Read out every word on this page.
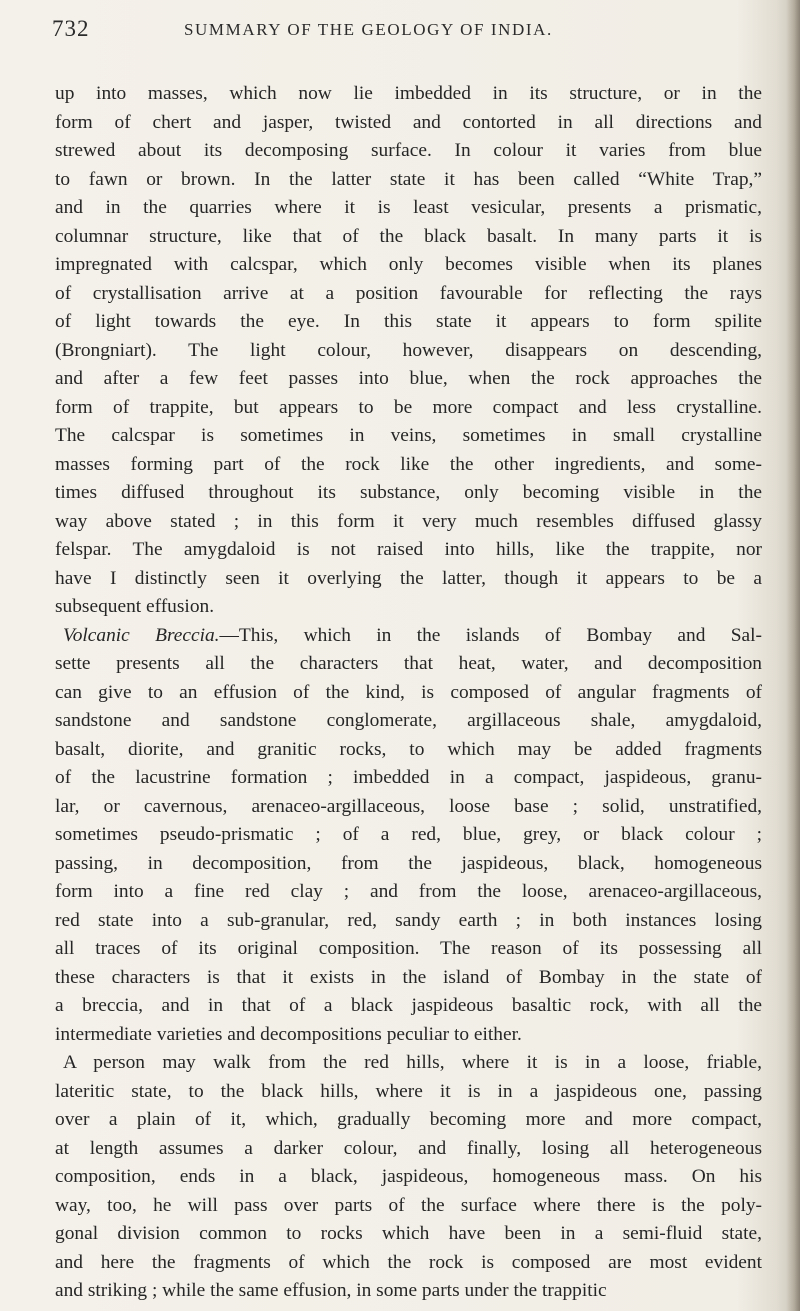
732	SUMMARY OF THE GEOLOGY OF INDIA.
up into masses, which now lie imbedded in its structure, or in the
form of chert and jasper, twisted and contorted in all directions and
strewed about its decomposing surface. In colour it varies from blue
to fawn or brown. In the latter state it has been called “White Trap,”
and in the quarries where it is least vesicular, presents a prismatic,
columnar structure, like that of the black basalt. In many parts it is
impregnated with calcspar, which only becomes visible when its planes
of crystallisation arrive at a position favourable for reflecting the rays
of light towards the eye. In this state it appears to form spilite
(Brongniart). The light colour, however, disappears on descending,
and after a few feet passes into blue, when the rock approaches the
form of trappite, but appears to be more compact and less crystalline.
The calcspar is sometimes in veins, sometimes in small crystalline
masses forming part of the rock like the other ingredients, and some-
times diffused throughout its substance, only becoming visible in the
way above stated ; in this form it very much resembles diffused glassy
felspar. The amygdaloid is not raised into hills, like the trappite, nor
have I distinctly seen it overlying the latter, though it appears to be a
subsequent effusion.
Volcanic Breccia.—This, which in the islands of Bombay and Sal-
sette presents all the characters that heat, water, and decomposition
can give to an effusion of the kind, is composed of angular fragments of
sandstone and sandstone conglomerate, argillaceous shale, amygdaloid,
basalt, diorite, and granitic rocks, to which may be added fragments
of the lacustrine formation ; imbedded in a compact, jaspideous, granu-
lar, or cavernous, arenaceo-argillaceous, loose base ; solid, unstratified,
sometimes pseudo-prismatic ; of a red, blue, grey, or black colour ;
passing, in decomposition, from the jaspideous, black, homogeneous
form into a fine red clay ; and from the loose, arenaceo-argillaceous,
red state into a sub-granular, red, sandy earth ; in both instances losing
all traces of its original composition. The reason of its possessing all
these characters is that it exists in the island of Bombay in the state of
a breccia, and in that of a black jaspideous basaltic rock, with all the
intermediate varieties and decompositions peculiar to either.
A person may walk from the red hills, where it is in a loose, friable,
lateritic state, to the black hills, where it is in a jaspideous one, passing
over a plain of it, which, gradually becoming more and more compact,
at length assumes a darker colour, and finally, losing all heterogeneous
composition, ends in a black, jaspideous, homogeneous mass. On his
way, too, he will pass over parts of the surface where there is the poly-
gonal division common to rocks which have been in a semi-fluid state,
and here the fragments of which the rock is composed are most evident
and striking ; while the same effusion, in some parts under the trappitic
